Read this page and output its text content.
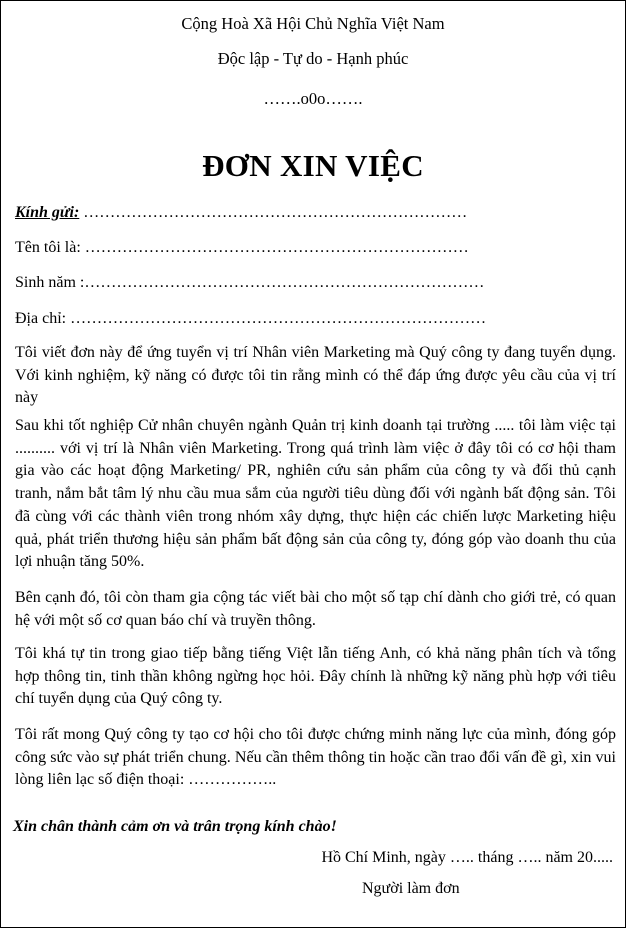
Cộng Hoà Xã Hội Chủ Nghĩa Việt Nam
Độc lập - Tự do - Hạnh phúc
…….o0o…….
ĐƠN XIN VIỆC
Kính gửi: ………………………………………………………………
Tên tôi là: ………………………………………………………………
Sinh năm :…………………………………………………………………
Địa chỉ: ……………………………………………………………………

Tôi viết đơn này để ứng tuyển vị trí Nhân viên Marketing mà Quý công ty đang tuyển dụng. Với kinh nghiệm, kỹ năng có được tôi tin rằng mình có thể đáp ứng được yêu cầu của vị trí này

Sau khi tốt nghiệp Cử nhân chuyên ngành Quản trị kinh doanh tại trường ..... tôi làm việc tại .......... với vị trí là Nhân viên Marketing. Trong quá trình làm việc ở đây tôi có cơ hội tham gia vào các hoạt động Marketing/ PR, nghiên cứu sản phẩm của công ty và đối thủ cạnh tranh, nắm bắt tâm lý nhu cầu mua sắm của người tiêu dùng đối với ngành bất động sản. Tôi đã cùng với các thành viên trong nhóm xây dựng, thực hiện các chiến lược Marketing hiệu quả, phát triển thương hiệu sản phẩm bất động sản của công ty, đóng góp vào doanh thu của lợi nhuận tăng 50%.

Bên cạnh đó, tôi còn tham gia cộng tác viết bài cho một số tạp chí dành cho giới trẻ, có quan hệ với một số cơ quan báo chí và truyền thông.

Tôi khá tự tin trong giao tiếp bằng tiếng Việt lẫn tiếng Anh, có khả năng phân tích và tổng hợp thông tin, tinh thần không ngừng học hỏi. Đây chính là những kỹ năng phù hợp với tiêu chí tuyển dụng của Quý công ty.

Tôi rất mong Quý công ty tạo cơ hội cho tôi được chứng minh năng lực của mình, đóng góp công sức vào sự phát triển chung. Nếu cần thêm thông tin hoặc cần trao đổi vấn đề gì, xin vui lòng liên lạc số điện thoại: ……………..

Xin chân thành cảm ơn và trân trọng kính chào!
Hồ Chí Minh, ngày ….. tháng ….. năm 20.....
Người làm đơn
